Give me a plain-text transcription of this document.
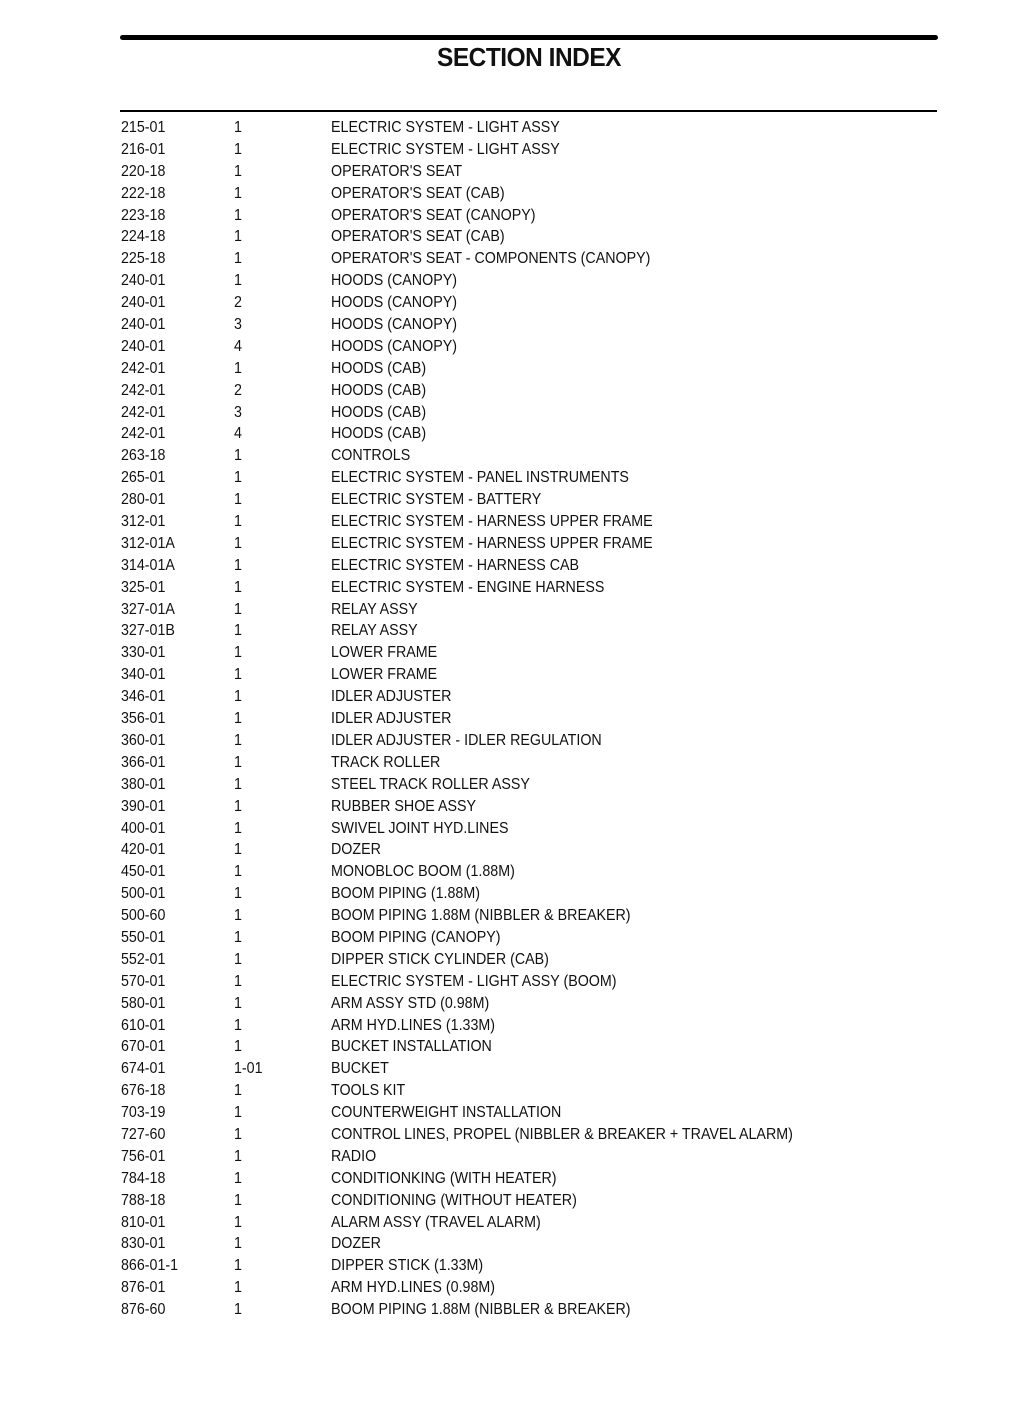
SECTION INDEX
215-01	1	ELECTRIC SYSTEM - LIGHT ASSY
216-01	1	ELECTRIC SYSTEM - LIGHT ASSY
220-18	1	OPERATOR'S SEAT
222-18	1	OPERATOR'S SEAT (CAB)
223-18	1	OPERATOR'S SEAT (CANOPY)
224-18	1	OPERATOR'S SEAT (CAB)
225-18	1	OPERATOR'S SEAT - COMPONENTS (CANOPY)
240-01	1	HOODS (CANOPY)
240-01	2	HOODS (CANOPY)
240-01	3	HOODS (CANOPY)
240-01	4	HOODS (CANOPY)
242-01	1	HOODS (CAB)
242-01	2	HOODS (CAB)
242-01	3	HOODS (CAB)
242-01	4	HOODS (CAB)
263-18	1	CONTROLS
265-01	1	ELECTRIC SYSTEM - PANEL INSTRUMENTS
280-01	1	ELECTRIC SYSTEM - BATTERY
312-01	1	ELECTRIC SYSTEM - HARNESS UPPER FRAME
312-01A	1	ELECTRIC SYSTEM - HARNESS UPPER FRAME
314-01A	1	ELECTRIC SYSTEM - HARNESS CAB
325-01	1	ELECTRIC SYSTEM - ENGINE HARNESS
327-01A	1	RELAY ASSY
327-01B	1	RELAY ASSY
330-01	1	LOWER FRAME
340-01	1	LOWER FRAME
346-01	1	IDLER ADJUSTER
356-01	1	IDLER ADJUSTER
360-01	1	IDLER ADJUSTER - IDLER REGULATION
366-01	1	TRACK ROLLER
380-01	1	STEEL TRACK ROLLER ASSY
390-01	1	RUBBER SHOE ASSY
400-01	1	SWIVEL JOINT HYD.LINES
420-01	1	DOZER
450-01	1	MONOBLOC BOOM (1.88M)
500-01	1	BOOM PIPING (1.88M)
500-60	1	BOOM PIPING 1.88M (NIBBLER & BREAKER)
550-01	1	BOOM PIPING (CANOPY)
552-01	1	DIPPER STICK CYLINDER (CAB)
570-01	1	ELECTRIC SYSTEM - LIGHT ASSY (BOOM)
580-01	1	ARM ASSY STD (0.98M)
610-01	1	ARM HYD.LINES (1.33M)
670-01	1	BUCKET INSTALLATION
674-01	1-01	BUCKET
676-18	1	TOOLS KIT
703-19	1	COUNTERWEIGHT INSTALLATION
727-60	1	CONTROL LINES, PROPEL (NIBBLER & BREAKER + TRAVEL ALARM)
756-01	1	RADIO
784-18	1	CONDITIONKING (WITH HEATER)
788-18	1	CONDITIONING (WITHOUT HEATER)
810-01	1	ALARM ASSY (TRAVEL ALARM)
830-01	1	DOZER
866-01-1	1	DIPPER STICK (1.33M)
876-01	1	ARM HYD.LINES (0.98M)
876-60	1	BOOM PIPING 1.88M (NIBBLER & BREAKER)
